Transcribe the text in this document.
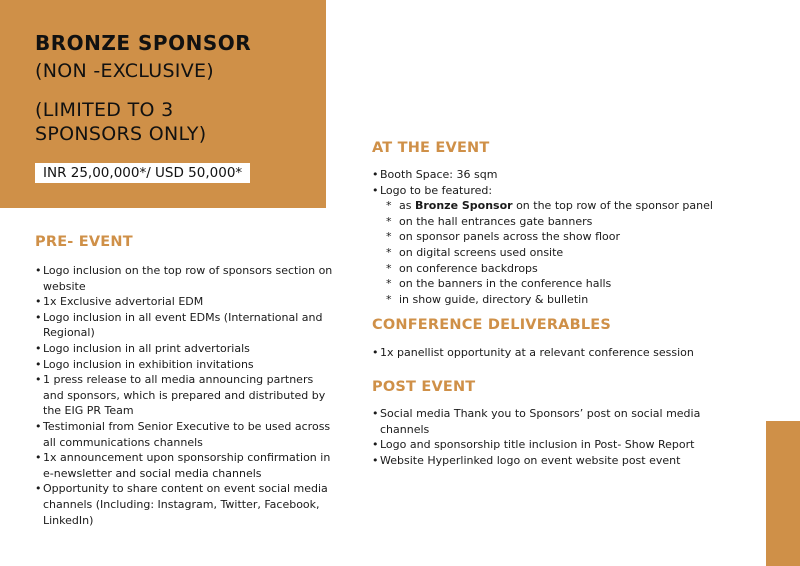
BRONZE SPONSOR

(NON -EXCLUSIVE)

(LIMITED TO 3

SPONSORS ONLY)

INR 25,00,000*/ USD 50,000*
PRE- EVENT
• Logo inclusion on the top row of sponsors section on website
• 1x Exclusive advertorial EDM
• Logo inclusion in all event EDMs (International and Regional)
• Logo inclusion in all print advertorials
• Logo inclusion in exhibition invitations
• 1 press release to all media announcing partners and sponsors, which is prepared and distributed by the EIG PR Team
• Testimonial from Senior Executive to be used across all communications channels
• 1x announcement upon sponsorship confirmation in e-newsletter and social media channels
• Opportunity to share content on event social media channels (Including: Instagram, Twitter, Facebook, LinkedIn)
AT THE EVENT
• Booth Space: 36 sqm
• Logo to be featured:
* as Bronze Sponsor on the top row of the sponsor panel
* on the hall entrances gate banners
* on sponsor panels across the show floor
* on digital screens used onsite
* on conference backdrops
* on the banners in the conference halls
* in show guide, directory & bulletin
CONFERENCE DELIVERABLES
• 1x panellist opportunity at a relevant conference session
POST EVENT
• Social media Thank you to Sponsors’ post on social media channels
• Logo and sponsorship title inclusion in Post- Show Report
• Website Hyperlinked logo on event website post event
